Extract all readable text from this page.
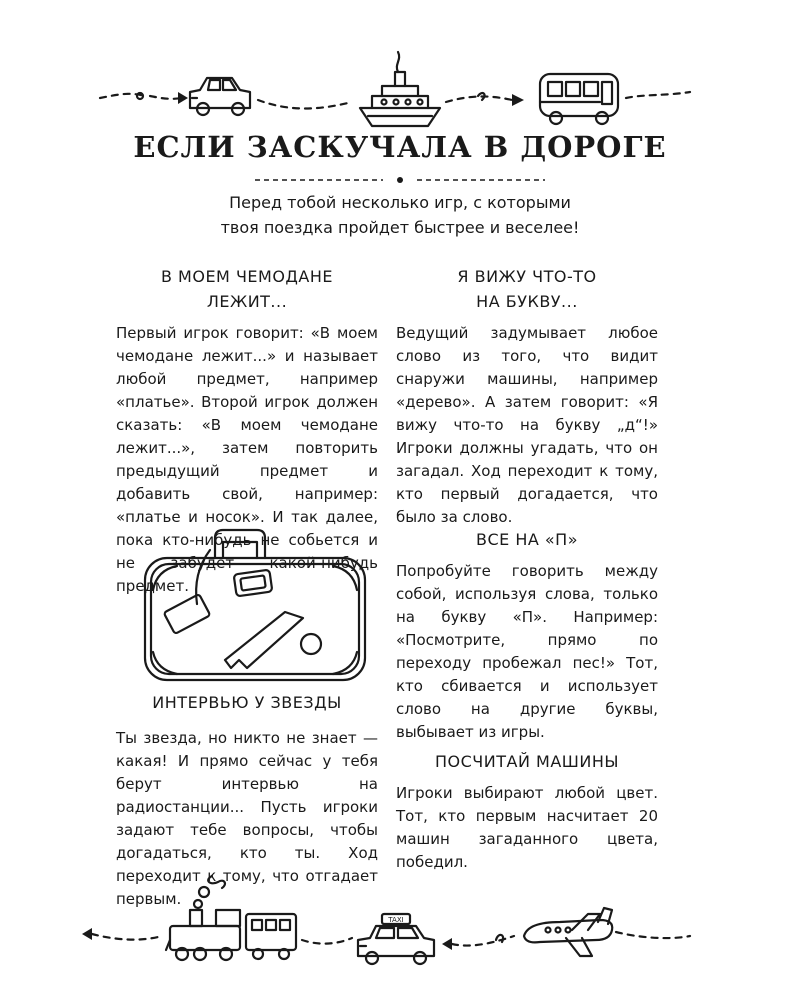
ЕСЛИ ЗАСКУЧАЛА В ДОРОГЕ
Перед тобой несколько игр, с которыми
твоя поездка пройдет быстрее и веселее!
В МОЕМ ЧЕМОДАНЕ
ЛЕЖИТ...

Первый игрок говорит: «В моем чемодане лежит...» и называет любой предмет, например «платье». Второй игрок должен сказать: «В моем чемодане лежит...», затем повторить предыдущий предмет и добавить свой, например: «платье и носок». И так далее, пока кто-нибудь не собьется и не забудет какой-нибудь предмет.

Я ВИЖУ ЧТО-ТО
НА БУКВУ...

Ведущий задумывает любое слово из того, что видит снаружи машины, например «дерево». А затем говорит: «Я вижу что-то на букву „д“!» Игроки должны угадать, что он загадал. Ход переходит к тому, кто первый догадается, что было за слово.

ИНТЕРВЬЮ У ЗВЕЗДЫ

Ты звезда, но никто не знает — какая! И прямо сейчас у тебя берут интервью на радиостанции... Пусть игроки задают тебе вопросы, чтобы догадаться, кто ты. Ход переходит к тому, что отгадает первым.

ВСЕ НА «П»

Попробуйте говорить между собой, используя слова, только на букву «П». Например: «Посмотрите, прямо по переходу пробежал пес!» Тот, кто сбивается и использует слово на другие буквы, выбывает из игры.

ПОСЧИТАЙ МАШИНЫ

Игроки выбирают любой цвет. Тот, кто первым насчитает 20 машин загаданного цвета, победил.

TAXI
